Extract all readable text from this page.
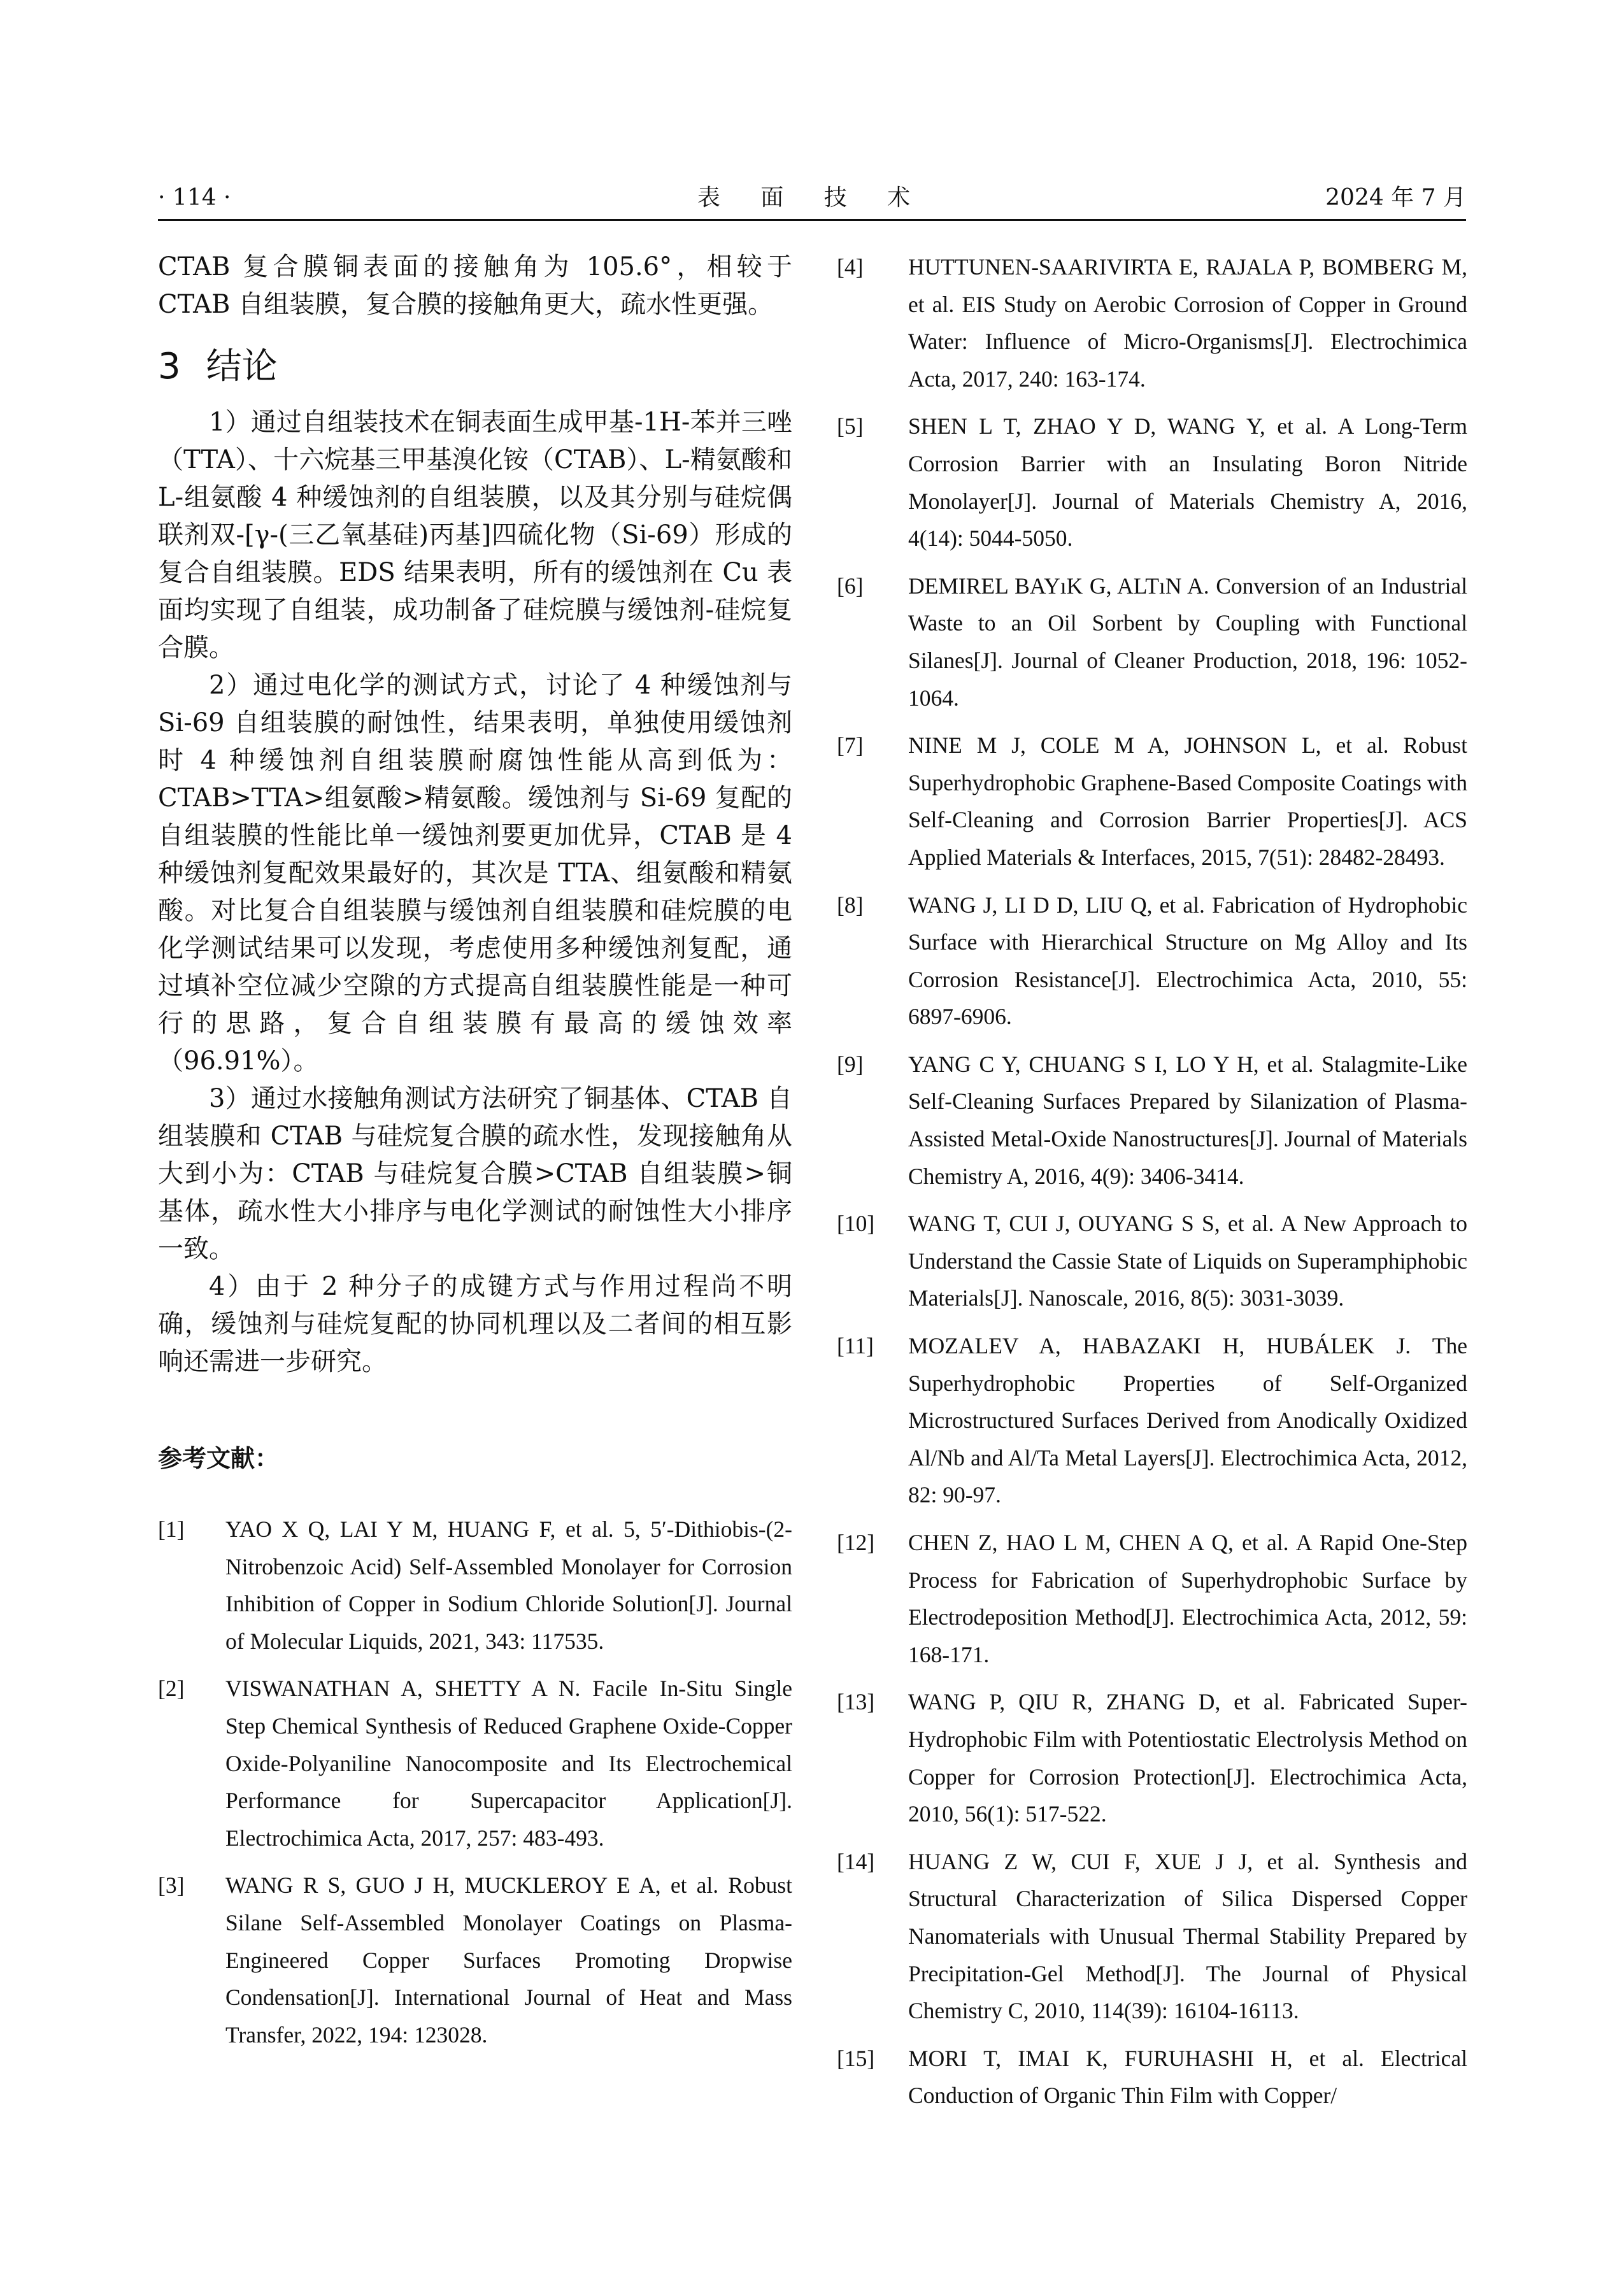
· 114 ·	表 面 技 术	2024 年 7 月

CTAB 复合膜铜表面的接触角为 105.6°，相较于 CTAB 自组装膜，复合膜的接触角更大，疏水性更强。

3 结论

1）通过自组装技术在铜表面生成甲基-1H-苯并三唑（TTA）、十六烷基三甲基溴化铵（CTAB）、L-精氨酸和 L-组氨酸 4 种缓蚀剂的自组装膜，以及其分别与硅烷偶联剂双-[γ-(三乙氧基硅)丙基]四硫化物（Si-69）形成的复合自组装膜。EDS 结果表明，所有的缓蚀剂在 Cu 表面均实现了自组装，成功制备了硅烷膜与缓蚀剂-硅烷复合膜。

2）通过电化学的测试方式，讨论了 4 种缓蚀剂与 Si-69 自组装膜的耐蚀性，结果表明，单独使用缓蚀剂时 4 种缓蚀剂自组装膜耐腐蚀性能从高到低为：CTAB>TTA>组氨酸>精氨酸。缓蚀剂与 Si-69 复配的自组装膜的性能比单一缓蚀剂要更加优异，CTAB 是 4 种缓蚀剂复配效果最好的，其次是 TTA、组氨酸和精氨酸。对比复合自组装膜与缓蚀剂自组装膜和硅烷膜的电化学测试结果可以发现，考虑使用多种缓蚀剂复配，通过填补空位减少空隙的方式提高自组装膜性能是一种可行的思路，复合自组装膜有最高的缓蚀效率（96.91%）。

3）通过水接触角测试方法研究了铜基体、CTAB 自组装膜和 CTAB 与硅烷复合膜的疏水性，发现接触角从大到小为：CTAB 与硅烷复合膜>CTAB 自组装膜>铜基体，疏水性大小排序与电化学测试的耐蚀性大小排序一致。

4）由于 2 种分子的成键方式与作用过程尚不明确，缓蚀剂与硅烷复配的协同机理以及二者间的相互影响还需进一步研究。

参考文献：
[1] YAO X Q, LAI Y M, HUANG F, et al. 5, 5′-Dithiobis-(2-Nitrobenzoic Acid) Self-Assembled Monolayer for Corrosion Inhibition of Copper in Sodium Chloride Solution[J]. Journal of Molecular Liquids, 2021, 343: 117535.
[2] VISWANATHAN A, SHETTY A N. Facile In-Situ Single Step Chemical Synthesis of Reduced Graphene Oxide-Copper Oxide-Polyaniline Nanocomposite and Its Electrochemical Performance for Supercapacitor Application[J]. Electrochimica Acta, 2017, 257: 483-493.
[3] WANG R S, GUO J H, MUCKLEROY E A, et al. Robust Silane Self-Assembled Monolayer Coatings on Plasma-Engineered Copper Surfaces Promoting Dropwise Condensation[J]. International Journal of Heat and Mass Transfer, 2022, 194: 123028.
[4] HUTTUNEN-SAARIVIRTA E, RAJALA P, BOMBERG M, et al. EIS Study on Aerobic Corrosion of Copper in Ground Water: Influence of Micro-Organisms[J]. Electrochimica Acta, 2017, 240: 163-174.
[5] SHEN L T, ZHAO Y D, WANG Y, et al. A Long-Term Corrosion Barrier with an Insulating Boron Nitride Monolayer[J]. Journal of Materials Chemistry A, 2016, 4(14): 5044-5050.
[6] DEMIREL BAYıK G, ALTıN A. Conversion of an Industrial Waste to an Oil Sorbent by Coupling with Functional Silanes[J]. Journal of Cleaner Production, 2018, 196: 1052-1064.
[7] NINE M J, COLE M A, JOHNSON L, et al. Robust Superhydrophobic Graphene-Based Composite Coatings with Self-Cleaning and Corrosion Barrier Properties[J]. ACS Applied Materials & Interfaces, 2015, 7(51): 28482-28493.
[8] WANG J, LI D D, LIU Q, et al. Fabrication of Hydrophobic Surface with Hierarchical Structure on Mg Alloy and Its Corrosion Resistance[J]. Electrochimica Acta, 2010, 55: 6897-6906.
[9] YANG C Y, CHUANG S I, LO Y H, et al. Stalagmite-Like Self-Cleaning Surfaces Prepared by Silanization of Plasma-Assisted Metal-Oxide Nanostructures[J]. Journal of Materials Chemistry A, 2016, 4(9): 3406-3414.
[10] WANG T, CUI J, OUYANG S S, et al. A New Approach to Understand the Cassie State of Liquids on Superamphiphobic Materials[J]. Nanoscale, 2016, 8(5): 3031-3039.
[11] MOZALEV A, HABAZAKI H, HUBÁLEK J. The Superhydrophobic Properties of Self-Organized Microstructured Surfaces Derived from Anodically Oxidized Al/Nb and Al/Ta Metal Layers[J]. Electrochimica Acta, 2012, 82: 90-97.
[12] CHEN Z, HAO L M, CHEN A Q, et al. A Rapid One-Step Process for Fabrication of Superhydrophobic Surface by Electrodeposition Method[J]. Electrochimica Acta, 2012, 59: 168-171.
[13] WANG P, QIU R, ZHANG D, et al. Fabricated Super-Hydrophobic Film with Potentiostatic Electrolysis Method on Copper for Corrosion Protection[J]. Electrochimica Acta, 2010, 56(1): 517-522.
[14] HUANG Z W, CUI F, XUE J J, et al. Synthesis and Structural Characterization of Silica Dispersed Copper Nanomaterials with Unusual Thermal Stability Prepared by Precipitation-Gel Method[J]. The Journal of Physical Chemistry C, 2010, 114(39): 16104-16113.
[15] MORI T, IMAI K, FURUHASHI H, et al. Electrical Conduction of Organic Thin Film with Copper/
